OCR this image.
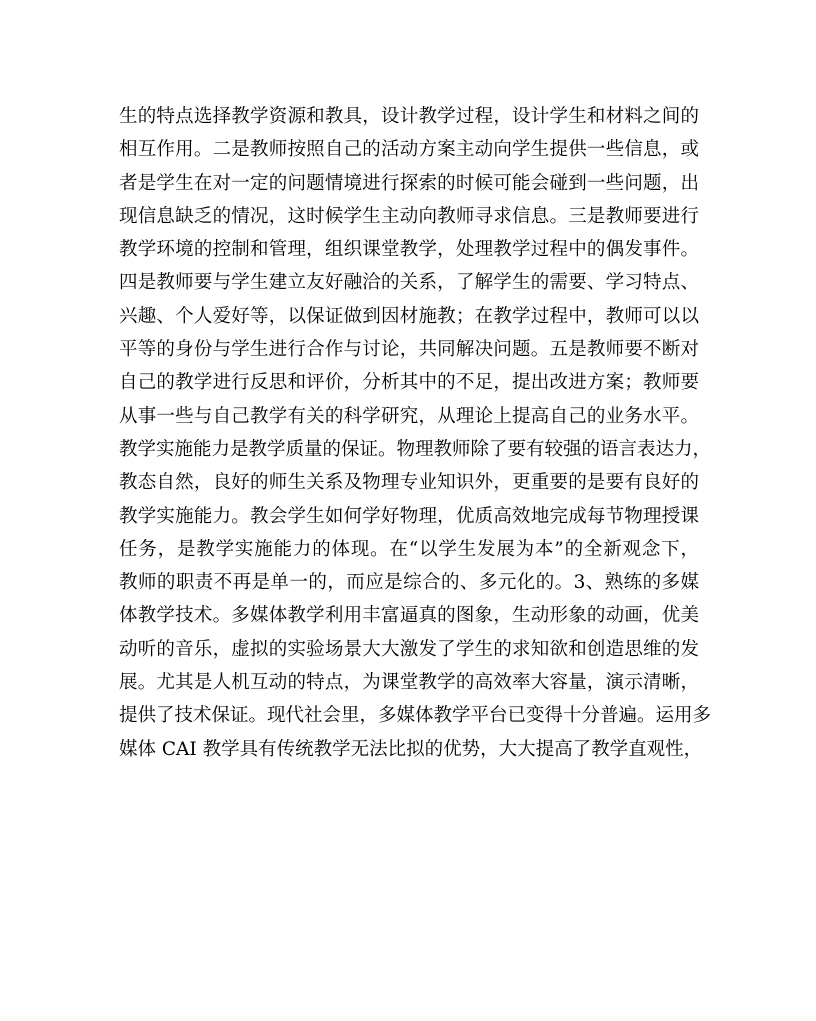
生的特点选择教学资源和教具，设计教学过程，设计学生和材料之间的
相互作用。二是教师按照自己的活动方案主动向学生提供一些信息，或
者是学生在对一定的问题情境进行探索的时候可能会碰到一些问题，出
现信息缺乏的情况，这时候学生主动向教师寻求信息。三是教师要进行
教学环境的控制和管理，组织课堂教学，处理教学过程中的偶发事件。
四是教师要与学生建立友好融洽的关系，了解学生的需要、学习特点、
兴趣、个人爱好等，以保证做到因材施教；在教学过程中，教师可以以
平等的身份与学生进行合作与讨论，共同解决问题。五是教师要不断对
自己的教学进行反思和评价，分析其中的不足，提出改进方案；教师要
从事一些与自己教学有关的科学研究，从理论上提高自己的业务水平。
教学实施能力是教学质量的保证。物理教师除了要有较强的语言表达力，
教态自然，良好的师生关系及物理专业知识外，更重要的是要有良好的
教学实施能力。教会学生如何学好物理，优质高效地完成每节物理授课
任务，是教学实施能力的体现。在“以学生发展为本”的全新观念下，
教师的职责不再是单一的，而应是综合的、多元化的。3、熟练的多媒
体教学技术。多媒体教学利用丰富逼真的图象，生动形象的动画，优美
动听的音乐，虚拟的实验场景大大激发了学生的求知欲和创造思维的发
展。尤其是人机互动的特点，为课堂教学的高效率大容量，演示清晰，
提供了技术保证。现代社会里，多媒体教学平台已变得十分普遍。运用多
媒体 CAI 教学具有传统教学无法比拟的优势，大大提高了教学直观性，
